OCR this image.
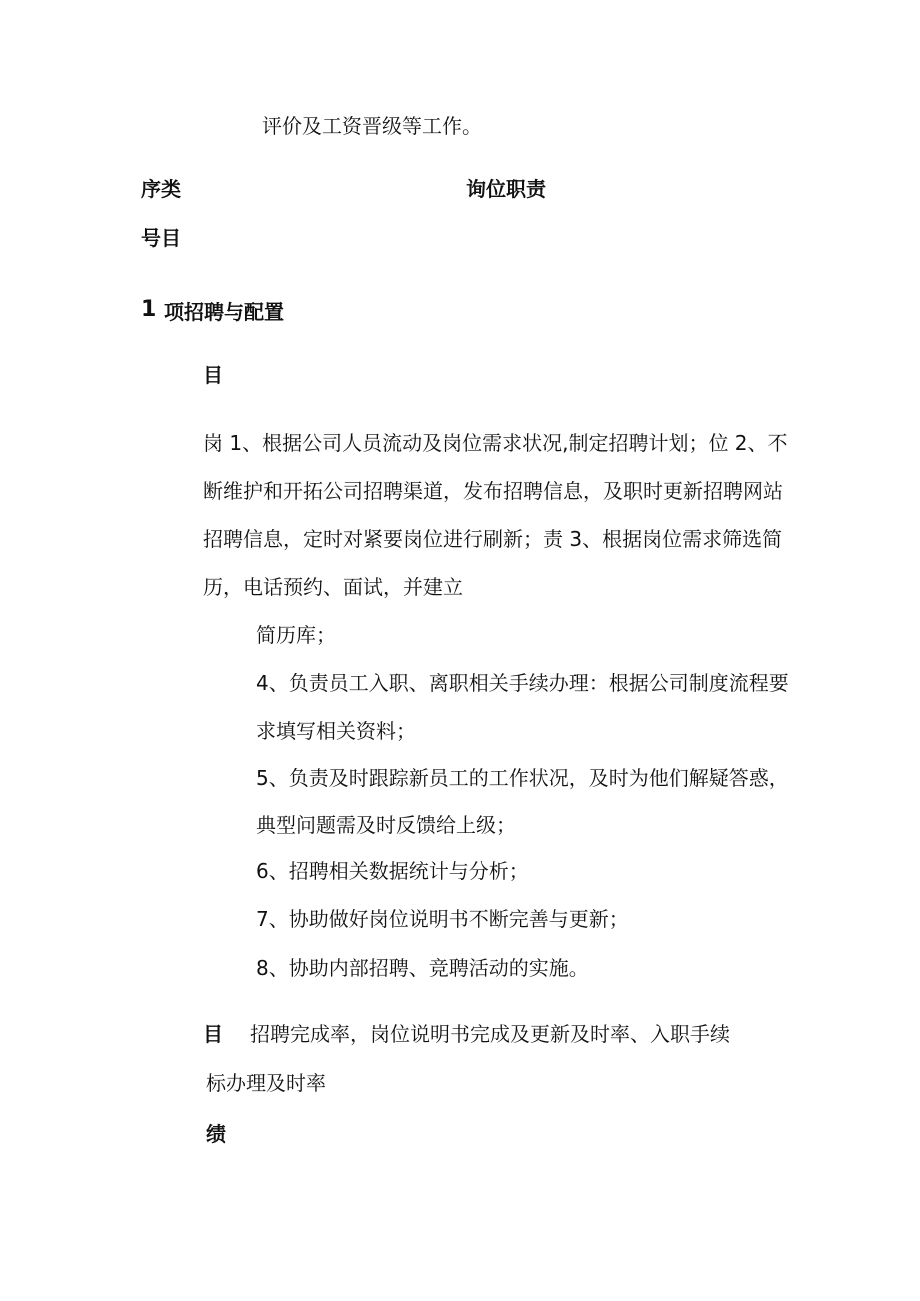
评价及工资晋级等工作。
序类	询位职责
号目
1 项招聘与配置
目
岗 1、根据公司人员流动及岗位需求状况,制定招聘计划；位 2、不
断维护和开拓公司招聘渠道，发布招聘信息，及职时更新招聘网站
招聘信息，定时对紧要岗位进行刷新；责 3、根据岗位需求筛选简
历，电话预约、面试，并建立
简历库；
4、负责员工入职、离职相关手续办理：根据公司制度流程要
求填写相关资料；
5、负责及时跟踪新员工的工作状况，及时为他们解疑答惑，
典型问题需及时反馈给上级；
6、招聘相关数据统计与分析；
7、协助做好岗位说明书不断完善与更新；
8、协助内部招聘、竞聘活动的实施。
目 招聘完成率，岗位说明书完成及更新及时率、入职手续
标办理及时率
绩
